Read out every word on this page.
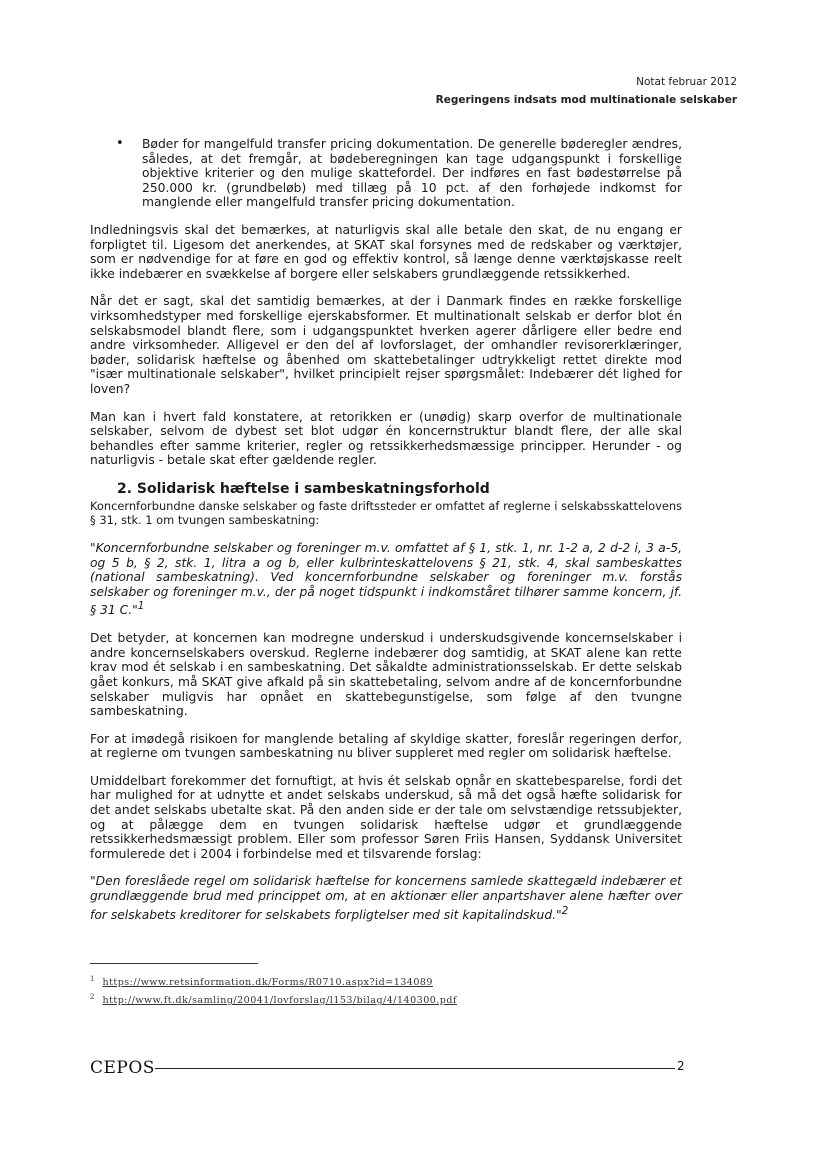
Notat februar 2012
Regeringens indsats mod multinationale selskaber
• Bøder for mangelfuld transfer pricing dokumentation. De generelle bøderegler ændres, således, at det fremgår, at bødeberegningen kan tage udgangspunkt i forskellige objektive kriterier og den mulige skattefordel. Der indføres en fast bødestørrelse på 250.000 kr. (grundbeløb) med tillæg på 10 pct. af den forhøjede indkomst for manglende eller mangelfuld transfer pricing dokumentation.

Indledningsvis skal det bemærkes, at naturligvis skal alle betale den skat, de nu engang er forpligtet til. Ligesom det anerkendes, at SKAT skal forsynes med de redskaber og værktøjer, som er nødvendige for at føre en god og effektiv kontrol, så længe denne værktøjskasse reelt ikke indebærer en svækkelse af borgere eller selskabers grundlæggende retssikkerhed.

Når det er sagt, skal det samtidig bemærkes, at der i Danmark findes en række forskellige virksomhedstyper med forskellige ejerskabsformer. Et multinationalt selskab er derfor blot én selskabsmodel blandt flere, som i udgangspunktet hverken agerer dårligere eller bedre end andre virksomheder. Alligevel er den del af lovforslaget, der omhandler revisorerklæringer, bøder, solidarisk hæftelse og åbenhed om skattebetalinger udtrykkeligt rettet direkte mod "især multinationale selskaber", hvilket principielt rejser spørgsmålet: Indebærer dét lighed for loven?

Man kan i hvert fald konstatere, at retorikken er (unødig) skarp overfor de multinationale selskaber, selvom de dybest set blot udgør én koncernstruktur blandt flere, der alle skal behandles efter samme kriterier, regler og retssikkerhedsmæssige principper. Herunder - og naturligvis - betale skat efter gældende regler.

2. Solidarisk hæftelse i sambeskatningsforhold

Koncernforbundne danske selskaber og faste driftssteder er omfattet af reglerne i selskabsskattelovens § 31, stk. 1 om tvungen sambeskatning:

"Koncernforbundne selskaber og foreninger m.v. omfattet af § 1, stk. 1, nr. 1-2 a, 2 d-2 i, 3 a-5, og 5 b, § 2, stk. 1, litra a og b, eller kulbrinteskattelovens § 21, stk. 4, skal sambeskattes (national sambeskatning). Ved koncernforbundne selskaber og foreninger m.v. forstås selskaber og foreninger m.v., der på noget tidspunkt i indkomståret tilhører samme koncern, jf. § 31 C."$^1$

Det betyder, at koncernen kan modregne underskud i underskudsgivende koncernselskaber i andre koncernselskabers overskud. Reglerne indebærer dog samtidig, at SKAT alene kan rette krav mod ét selskab i en sambeskatning. Det såkaldte administrationsselskab. Er dette selskab gået konkurs, må SKAT give afkald på sin skattebetaling, selvom andre af de koncernforbundne selskaber muligvis har opnået en skattebegunstigelse, som følge af den tvungne sambeskatning.

For at imødegå risikoen for manglende betaling af skyldige skatter, foreslår regeringen derfor, at reglerne om tvungen sambeskatning nu bliver suppleret med regler om solidarisk hæftelse.

Umiddelbart forekommer det fornuftigt, at hvis ét selskab opnår en skattebesparelse, fordi det har mulighed for at udnytte et andet selskabs underskud, så må det også hæfte solidarisk for det andet selskabs ubetalte skat. På den anden side er der tale om selvstændige retssubjekter, og at pålægge dem en tvungen solidarisk hæftelse udgør et grundlæggende retssikkerhedsmæssigt problem. Eller som professor Søren Friis Hansen, Syddansk Universitet formulerede det i 2004 i forbindelse med et tilsvarende forslag:

"Den foreslåede regel om solidarisk hæftelse for koncernens samlede skattegæld indebærer et grundlæggende brud med princippet om, at en aktionær eller anpartshaver alene hæfter over for selskabets kreditorer for selskabets forpligtelser med sit kapitalindskud."$^2$

$^1$ https://www.retsinformation.dk/Forms/R0710.aspx?id=134089
$^2$ http://www.ft.dk/samling/20041/lovforslag/l153/bilag/4/140300.pdf
CEPOS	2
